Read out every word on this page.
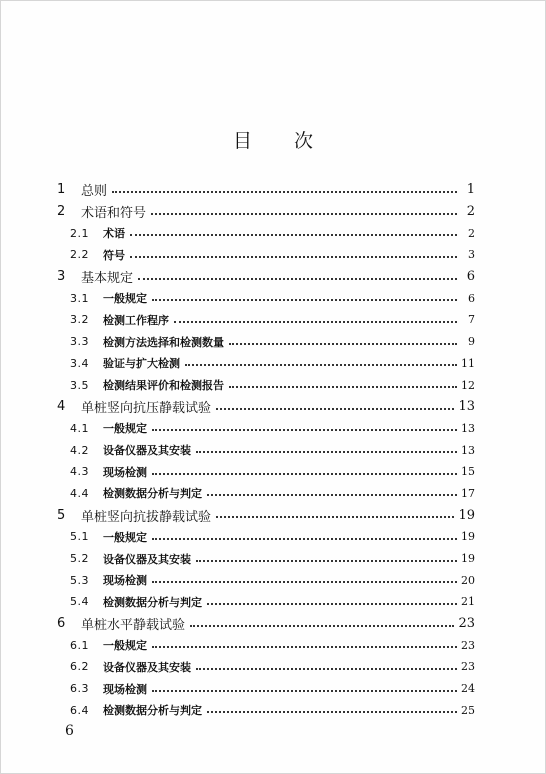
目次
1	总则	1
2	术语和符号	2
2.1	术语	2
2.2	符号	3
3	基本规定	6
3.1	一般规定	6
3.2	检测工作程序	7
3.3	检测方法选择和检测数量	9
3.4	验证与扩大检测	11
3.5	检测结果评价和检测报告	12
4	单桩竖向抗压静载试验	13
4.1	一般规定	13
4.2	设备仪器及其安装	13
4.3	现场检测	15
4.4	检测数据分析与判定	17
5	单桩竖向抗拔静载试验	19
5.1	一般规定	19
5.2	设备仪器及其安装	19
5.3	现场检测	20
5.4	检测数据分析与判定	21
6	单桩水平静载试验	23
6.1	一般规定	23
6.2	设备仪器及其安装	23
6.3	现场检测	24
6.4	检测数据分析与判定	25
6
